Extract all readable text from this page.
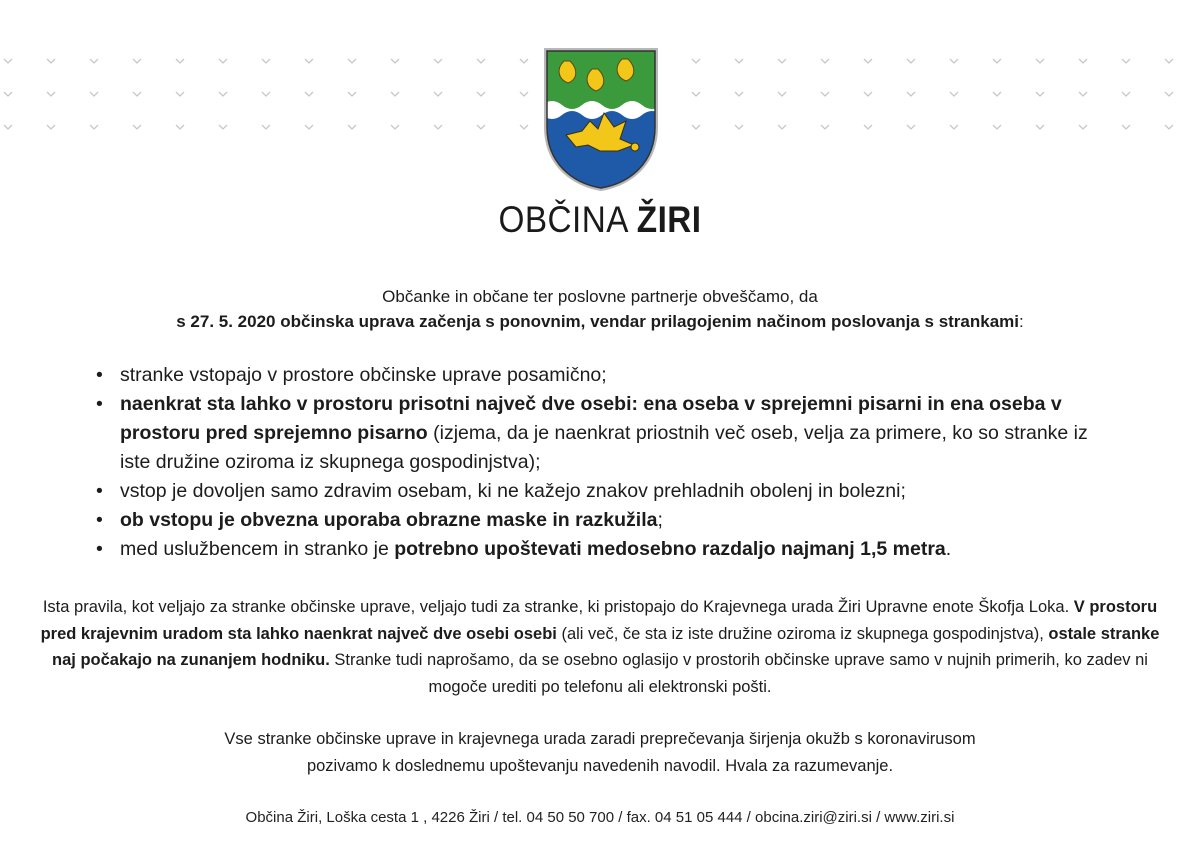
OBČINA ŽIRI
Občanke in občane ter poslovne partnerje obveščamo, da
s 27. 5. 2020 občinska uprava začenja s ponovnim, vendar prilagojenim načinom poslovanja s strankami:
• stranke vstopajo v prostore občinske uprave posamično;
• naenkrat sta lahko v prostoru prisotni največ dve osebi: ena oseba v sprejemni pisarni in ena oseba v prostoru pred sprejemno pisarno (izjema, da je naenkrat priostnih več oseb, velja za primere, ko so stranke iz iste družine oziroma iz skupnega gospodinjstva);
• vstop je dovoljen samo zdravim osebam, ki ne kažejo znakov prehladnih obolenj in bolezni;
• ob vstopu je obvezna uporaba obrazne maske in razkužila;
• med uslužbencem in stranko je potrebno upoštevati medosebno razdaljo najmanj 1,5 metra.
Ista pravila, kot veljajo za stranke občinske uprave, veljajo tudi za stranke, ki pristopajo do Krajevnega urada Žiri Upravne enote Škofja Loka. V prostoru pred krajevnim uradom sta lahko naenkrat največ dve osebi osebi (ali več, če sta iz iste družine oziroma iz skupnega gospodinjstva), ostale stranke naj počakajo na zunanjem hodniku. Stranke tudi naprošamo, da se osebno oglasijo v prostorih občinske uprave samo v nujnih primerih, ko zadev ni mogoče urediti po telefonu ali elektronski pošti.
Vse stranke občinske uprave in krajevnega urada zaradi preprečevanja širjenja okužb s koronavirusom
pozivamo k doslednemu upoštevanju navedenih navodil. Hvala za razumevanje.
Občina Žiri, Loška cesta 1 , 4226 Žiri / tel. 04 50 50 700 / fax. 04 51 05 444 / obcina.ziri@ziri.si / www.ziri.si
